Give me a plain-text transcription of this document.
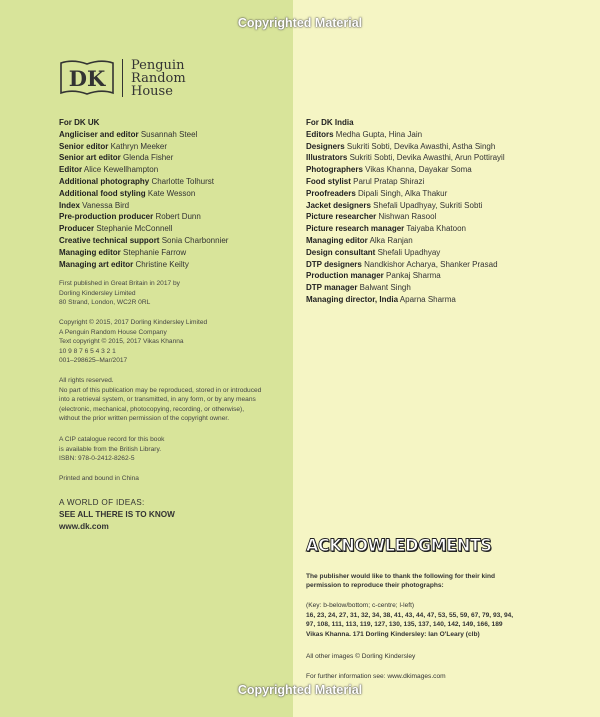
Copyrighted Material
DK
Penguin
Random
House
For DK UK
Angliciser and editor Susannah Steel
Senior editor Kathryn Meeker
Senior art editor Glenda Fisher
Editor Alice Kewellhampton
Additional photography Charlotte Tolhurst
Additional food styling Kate Wesson
Index Vanessa Bird
Pre-production producer Robert Dunn
Producer Stephanie McConnell
Creative technical support Sonia Charbonnier
Managing editor Stephanie Farrow
Managing art editor Christine Keilty
For DK India
Editors Medha Gupta, Hina Jain
Designers Sukriti Sobti, Devika Awasthi, Astha Singh
Illustrators Sukriti Sobti, Devika Awasthi, Arun Pottirayil
Photographers Vikas Khanna, Dayakar Soma
Food stylist Parul Pratap Shirazi
Proofreaders Dipali Singh, Alka Thakur
Jacket designers Shefali Upadhyay, Sukriti Sobti
Picture researcher Nishwan Rasool
Picture research manager Taiyaba Khatoon
Managing editor Alka Ranjan
Design consultant Shefali Upadhyay
DTP designers Nandkishor Acharya, Shanker Prasad
Production manager Pankaj Sharma
DTP manager Balwant Singh
Managing director, India Aparna Sharma
First published in Great Britain in 2017 by
Dorling Kindersley Limited
80 Strand, London, WC2R 0RL
Copyright © 2015, 2017 Dorling Kindersley Limited
A Penguin Random House Company
Text copyright © 2015, 2017 Vikas Khanna
10 9 8 7 6 5 4 3 2 1
001–298625–Mar/2017
All rights reserved.
No part of this publication may be reproduced, stored in or introduced
into a retrieval system, or transmitted, in any form, or by any means
(electronic, mechanical, photocopying, recording, or otherwise),
without the prior written permission of the copyright owner.
A CIP catalogue record for this book
is available from the British Library.
ISBN: 978-0-2412-8262-5
Printed and bound in China
A WORLD OF IDEAS:
SEE ALL THERE IS TO KNOW
www.dk.com
ACKNOWLEDGMENTS
The publisher would like to thank the following for their kind permission to reproduce their photographs:
(Key: b-below/bottom; c-centre; l-left)
16, 23, 24, 27, 31, 32, 34, 38, 41, 43, 44, 47, 53, 55, 59, 67, 79, 93, 94, 97, 108, 111, 113, 119, 127, 130, 135, 137, 140, 142, 149, 166, 189 Vikas Khanna. 171 Dorling Kindersley: Ian O'Leary (clb)
All other images © Dorling Kindersley
For further information see: www.dkimages.com
Copyrighted Material
